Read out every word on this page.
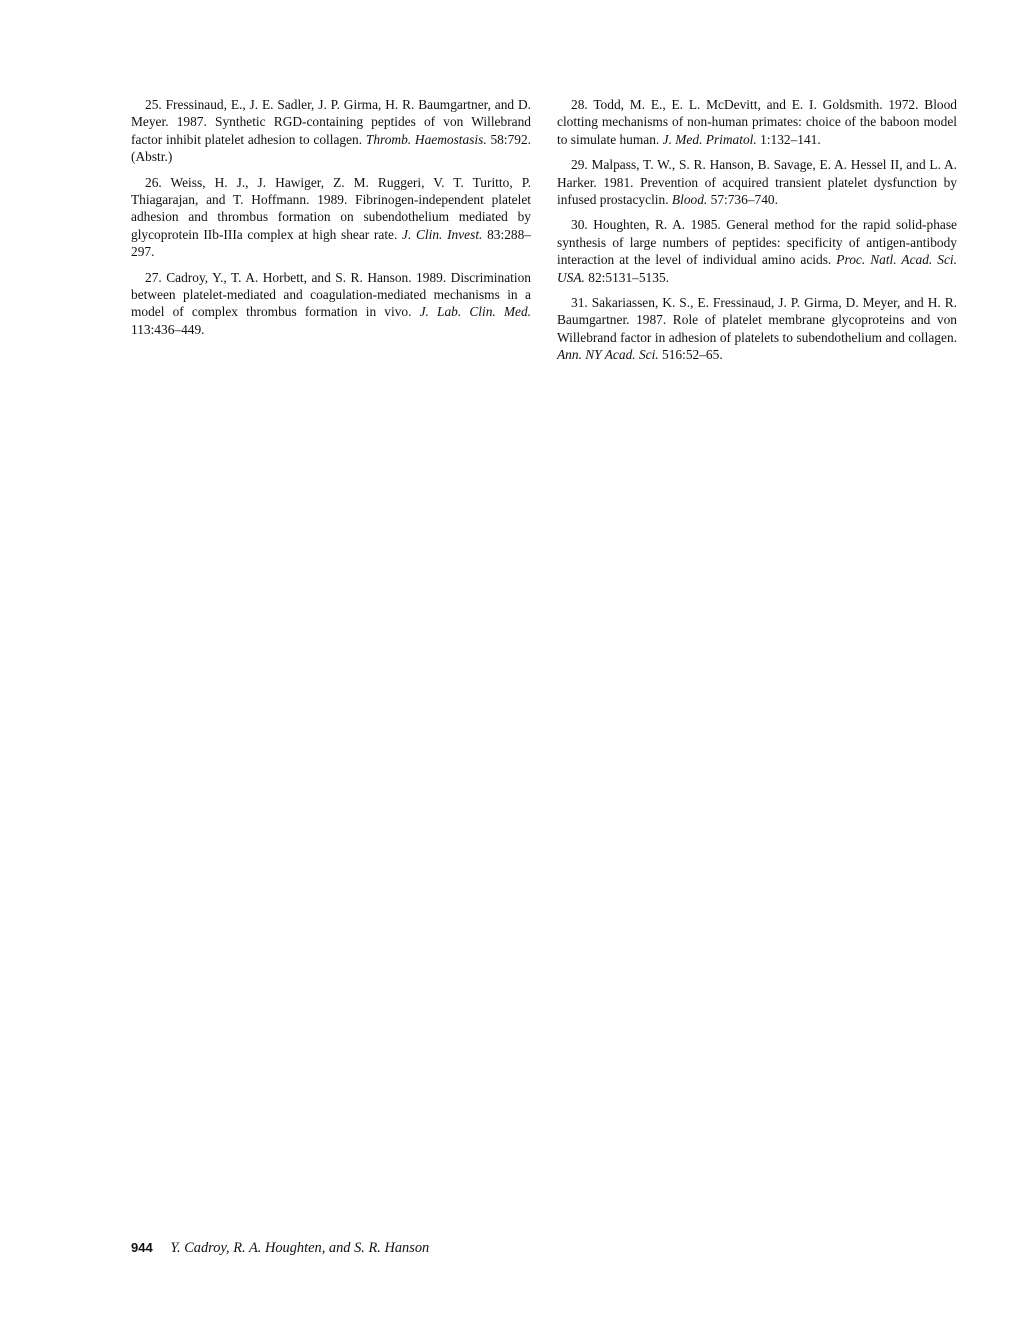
25. Fressinaud, E., J. E. Sadler, J. P. Girma, H. R. Baumgartner, and D. Meyer. 1987. Synthetic RGD-containing peptides of von Willebrand factor inhibit platelet adhesion to collagen. Thromb. Haemostasis. 58:792. (Abstr.)

26. Weiss, H. J., J. Hawiger, Z. M. Ruggeri, V. T. Turitto, P. Thiagarajan, and T. Hoffmann. 1989. Fibrinogen-independent platelet adhesion and thrombus formation on subendothelium mediated by glycoprotein IIb-IIIa complex at high shear rate. J. Clin. Invest. 83:288–297.

27. Cadroy, Y., T. A. Horbett, and S. R. Hanson. 1989. Discrimination between platelet-mediated and coagulation-mediated mechanisms in a model of complex thrombus formation in vivo. J. Lab. Clin. Med. 113:436–449.

28. Todd, M. E., E. L. McDevitt, and E. I. Goldsmith. 1972. Blood clotting mechanisms of non-human primates: choice of the baboon model to simulate human. J. Med. Primatol. 1:132–141.

29. Malpass, T. W., S. R. Hanson, B. Savage, E. A. Hessel II, and L. A. Harker. 1981. Prevention of acquired transient platelet dysfunction by infused prostacyclin. Blood. 57:736–740.

30. Houghten, R. A. 1985. General method for the rapid solid-phase synthesis of large numbers of peptides: specificity of antigen-antibody interaction at the level of individual amino acids. Proc. Natl. Acad. Sci. USA. 82:5131–5135.

31. Sakariassen, K. S., E. Fressinaud, J. P. Girma, D. Meyer, and H. R. Baumgartner. 1987. Role of platelet membrane glycoproteins and von Willebrand factor in adhesion of platelets to subendothelium and collagen. Ann. NY Acad. Sci. 516:52–65.

944 Y. Cadroy, R. A. Houghten, and S. R. Hanson
